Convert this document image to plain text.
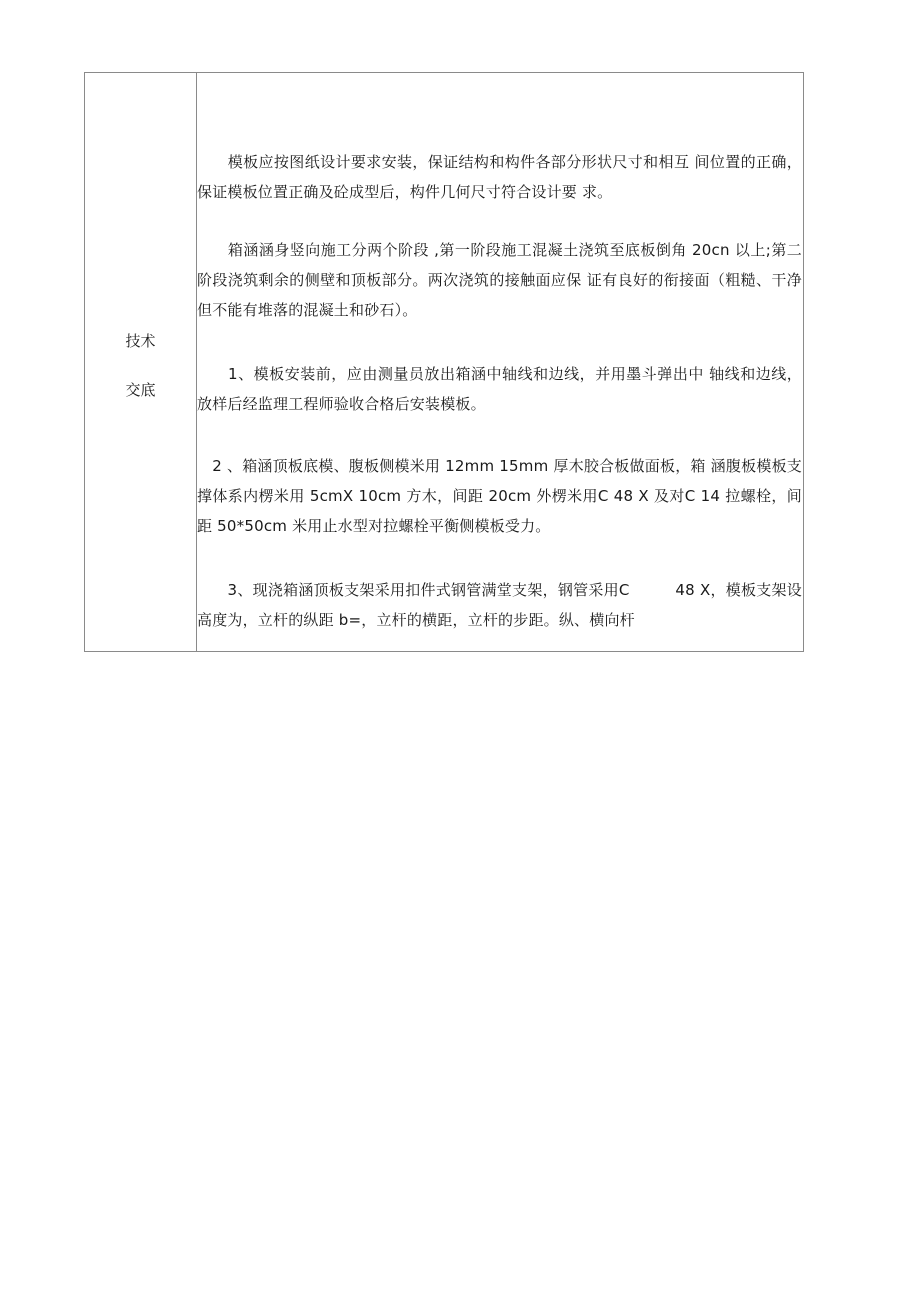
技术
交底
　　模板应按图纸设计要求安装，保证结构和构件各部分形状尺寸和相互 间位置的正确，保证模板位置正确及砼成型后，构件几何尺寸符合设计要 求。
　　箱涵涵身竖向施工分两个阶段 ,第一阶段施工混凝土浇筑至底板倒角 20cn 以上;第二阶段浇筑剩余的侧壁和顶板部分。两次浇筑的接触面应保 证有良好的衔接面（粗糙、干净但不能有堆落的混凝土和砂石）。
　　1、模板安装前，应由测量员放出箱涵中轴线和边线，并用墨斗弹出中 轴线和边线，放样后经监理工程师验收合格后安装模板。
　2 、箱涵顶板底模、腹板侧模米用 12mm 15mm 厚木胶合板做面板，箱 涵腹板模板支撑体系内楞米用 5cmX 10cm 方木，间距 20cm 外楞米用C 48 X 及对C 14 拉螺栓，间距 50*50cm 米用止水型对拉螺栓平衡侧模板受力。
　　3、现浇箱涵顶板支架采用扣件式钢管满堂支架，钢管采用C　　　48 X，模板支架设高度为，立杆的纵距 b=，立杆的横距，立杆的步距。纵、横向杆
